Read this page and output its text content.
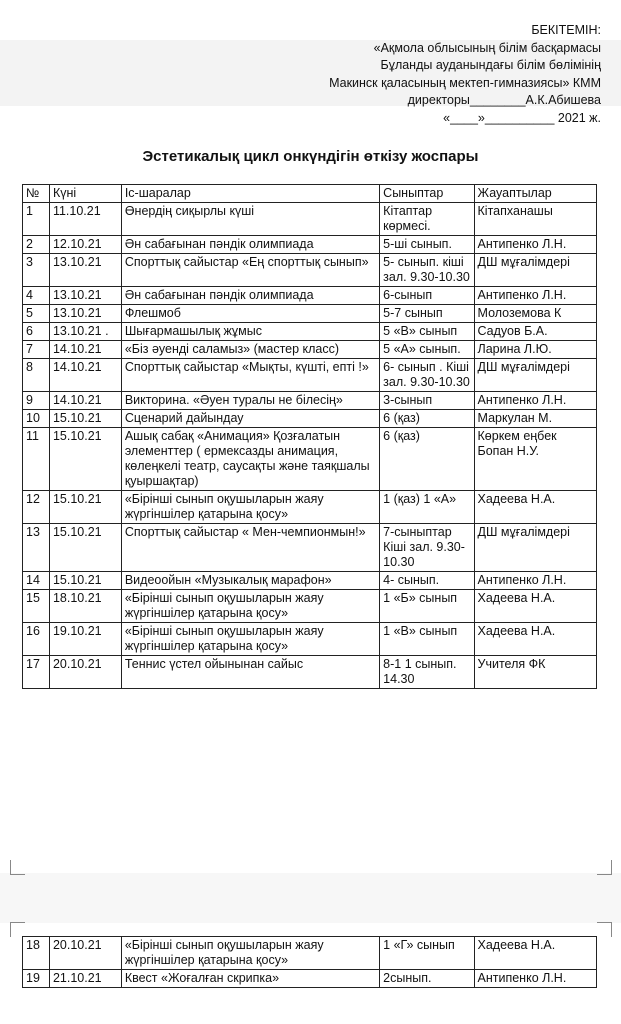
БЕКІТЕМІН:
«Ақмола облысының білім басқармасы
Бұланды ауданындағы білім бөлімінің
Макинск қаласының мектеп-гимназиясы» КММ
директоры________А.К.Абишева
«____»__________ 2021 ж.
Эстетикалық цикл онкүндігін өткізу жоспары
№	Күні	Іс-шаралар	Сыныптар	Жауаптылар
1	11.10.21	Өнердің сиқырлы күші	Кітаптар көрмесі.	Кітапханашы
2	12.10.21	Ән сабағынан пәндік олимпиада	5-ші сынып.	Антипенко Л.Н.
3	13.10.21	Спорттық сайыстар «Ең спорттық сынып»	5- сынып. кіші зал. 9.30-10.30	ДШ мұғалімдері
4	13.10.21	Ән сабағынан пәндік олимпиада	6-сынып	Антипенко Л.Н.
5	13.10.21	Флешмоб	5-7 сынып	Молоземова К
6	13.10.21 .	Шығармашылық жұмыс	5 «В» сынып	Садуов Б.А.
7	14.10.21	«Біз әуенді саламыз» (мастер класс)	5 «А» сынып.	Ларина Л.Ю.
8	14.10.21	Спорттық сайыстар «Мықты, күшті, епті !»	6- сынып . Кіші зал. 9.30-10.30	ДШ мұғалімдері
9	14.10.21	Викторина. «Әуен туралы не білесің»	3-сынып	Антипенко Л.Н.
10	15.10.21	Сценарий дайындау	6 (қаз)	Маркулан М.
11	15.10.21	Ашық сабақ «Анимация» Қозғалатын элементтер ( ермексазды анимация, көлеңкелі театр, саусақты және таяқшалы қуыршақтар)	6 (қаз)	Көркем еңбек Бопан Н.У.
12	15.10.21	«Бірінші сынып оқушыларын жаяу жүргіншілер қатарына қосу»	1 (қаз) 1 «А»	Хадеева Н.А.
13	15.10.21	Спорттық сайыстар « Мен-чемпионмын!»	7-сыныптар Кіші зал. 9.30-10.30	ДШ мұғалімдері
14	15.10.21	Видеоойын «Музыкалық марафон»	4- сынып.	Антипенко Л.Н.
15	18.10.21	«Бірінші сынып оқушыларын жаяу жүргіншілер қатарына қосу»	1 «Б» сынып	Хадеева Н.А.
16	19.10.21	«Бірінші сынып оқушыларын жаяу жүргіншілер қатарына қосу»	1 «В» сынып	Хадеева Н.А.
17	20.10.21	Теннис үстел ойынынан сайыс	8-1 1 сынып. 14.30	Учителя ФК
18	20.10.21	«Бірінші сынып оқушыларын жаяу жүргіншілер қатарына қосу»	1 «Г» сынып	Хадеева Н.А.
19	21.10.21	Квест «Жоғалған скрипка»	2сынып.	Антипенко Л.Н.
